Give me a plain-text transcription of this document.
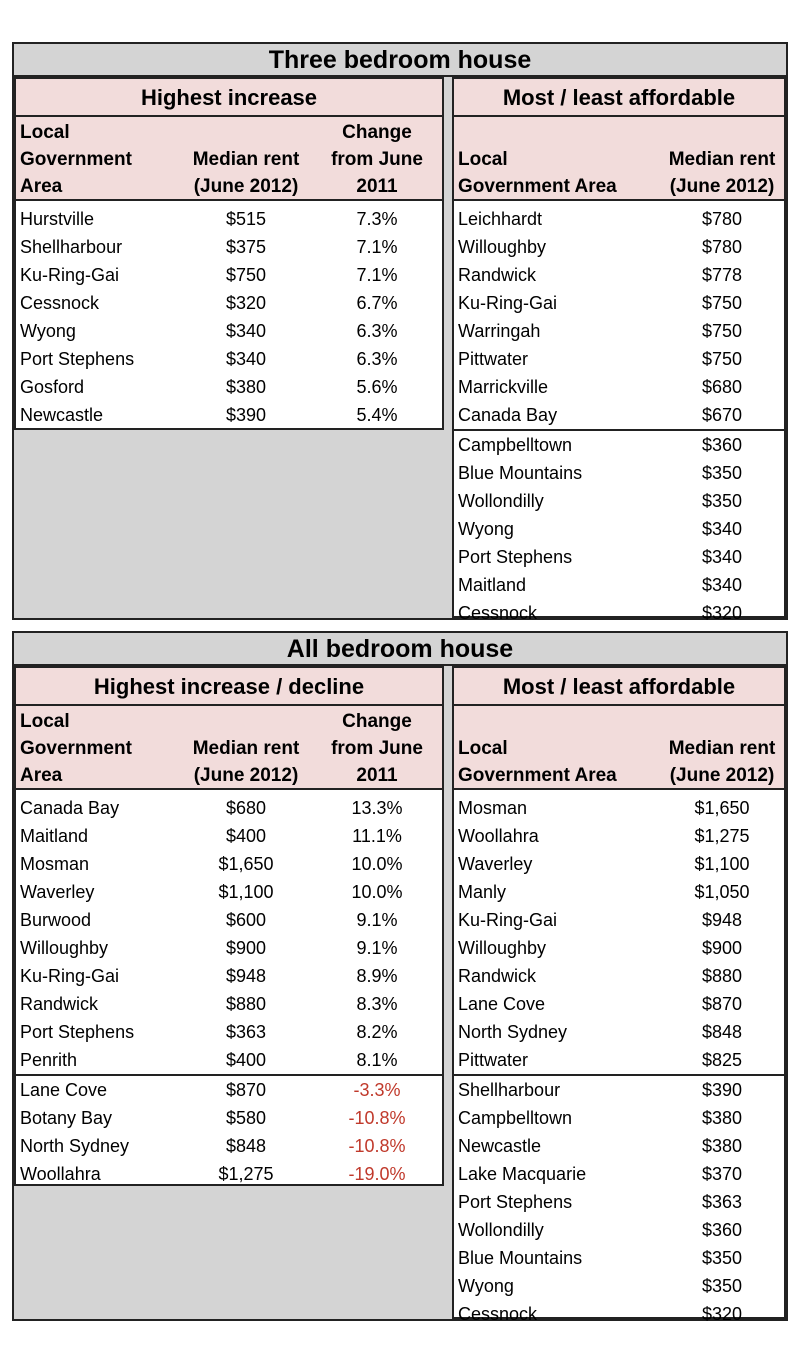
Three bedroom house
Highest increase
Local
Government
Area
Median rent
(June 2012)
Change
from June
2011
Hurstville	$515	7.3%
Shellharbour	$375	7.1%
Ku-Ring-Gai	$750	7.1%
Cessnock	$320	6.7%
Wyong	$340	6.3%
Port Stephens	$340	6.3%
Gosford	$380	5.6%
Newcastle	$390	5.4%
Most / least affordable
Local
Government Area
Median rent
(June 2012)
Leichhardt	$780
Willoughby	$780
Randwick	$778
Ku-Ring-Gai	$750
Warringah	$750
Pittwater	$750
Marrickville	$680
Canada Bay	$670
Campbelltown	$360
Blue Mountains	$350
Wollondilly	$350
Wyong	$340
Port Stephens	$340
Maitland	$340
Cessnock	$320
All bedroom house
Highest increase / decline
Local
Government
Area
Median rent
(June 2012)
Change
from June
2011
Canada Bay	$680	13.3%
Maitland	$400	11.1%
Mosman	$1,650	10.0%
Waverley	$1,100	10.0%
Burwood	$600	9.1%
Willoughby	$900	9.1%
Ku-Ring-Gai	$948	8.9%
Randwick	$880	8.3%
Port Stephens	$363	8.2%
Penrith	$400	8.1%
Lane Cove	$870	-3.3%
Botany Bay	$580	-10.8%
North Sydney	$848	-10.8%
Woollahra	$1,275	-19.0%
Most / least affordable
Local
Government Area
Median rent
(June 2012)
Mosman	$1,650
Woollahra	$1,275
Waverley	$1,100
Manly	$1,050
Ku-Ring-Gai	$948
Willoughby	$900
Randwick	$880
Lane Cove	$870
North Sydney	$848
Pittwater	$825
Shellharbour	$390
Campbelltown	$380
Newcastle	$380
Lake Macquarie	$370
Port Stephens	$363
Wollondilly	$360
Blue Mountains	$350
Wyong	$350
Cessnock	$320
